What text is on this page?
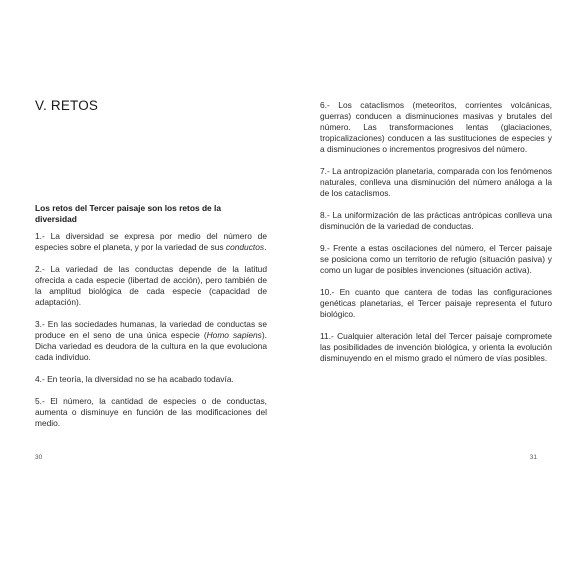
V. RETOS
Los retos del Tercer paisaje son los retos de la diversidad

1.- La diversidad se expresa por medio del número de especies sobre el planeta, y por la variedad de sus conductos.

2.- La variedad de las conductas depende de la latitud ofrecida a cada especie (libertad de acción), pero también de la amplitud biológica de cada especie (capacidad de adaptación).

3.- En las sociedades humanas, la variedad de conductas se produce en el seno de una única especie (Homo sapiens). Dicha variedad es deudora de la cultura en la que evoluciona cada individuo.

4.- En teoría, la diversidad no se ha acabado todavía.

5.- El número, la cantidad de especies o de conductas, aumenta o disminuye en función de las modificaciones del medio.

30

6.- Los cataclismos (meteoritos, corrientes volcánicas, guerras) conducen a disminuciones masivas y brutales del número. Las transformaciones lentas (glaciaciones, tropicalizaciones) conducen a las sustituciones de especies y a disminuciones o incrementos progresivos del número.

7.- La antropización planetaria, comparada con los fenómenos naturales, conlleva una disminución del número análoga a la de los cataclismos.

8.- La uniformización de las prácticas antrópicas conlleva una disminución de la variedad de conductas.

9.- Frente a estas oscilaciones del número, el Tercer paisaje se posiciona como un territorio de refugio (situación pasiva) y como un lugar de posibles invenciones (situación activa).

10.- En cuanto que cantera de todas las configuraciones genéticas planetarias, el Tercer paisaje representa el futuro biológico.

11.- Cualquier alteración letal del Tercer paisaje compromete las posibilidades de invención biológica, y orienta la evolución disminuyendo en el mismo grado el número de vías posibles.

31
